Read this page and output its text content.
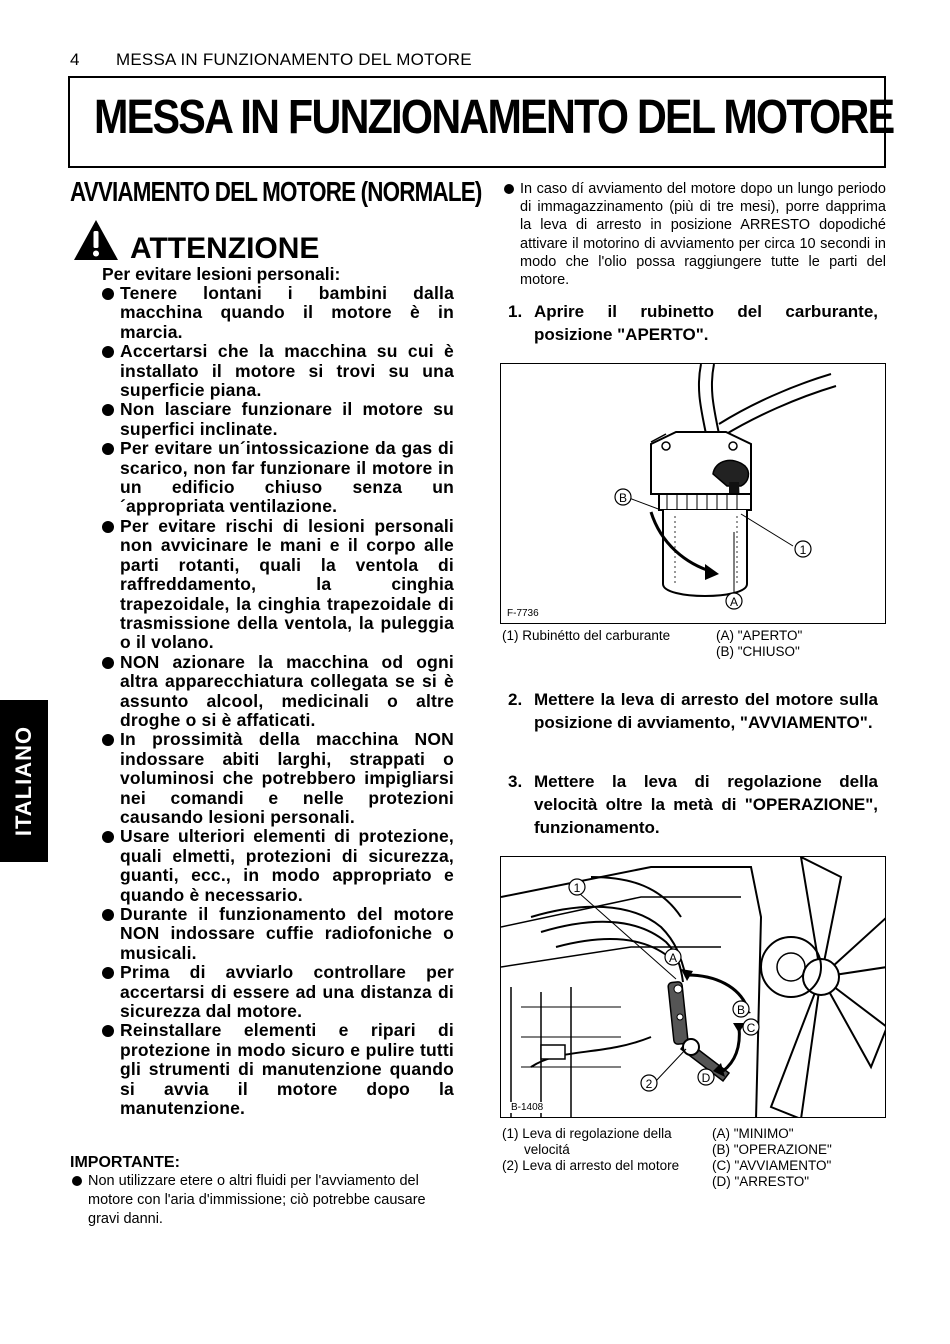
4 MESSA IN FUNZIONAMENTO DEL MOTORE
MESSA IN FUNZIONAMENTO DEL MOTORE
ITALIANO
AVVIAMENTO DEL MOTORE (NORMALE)
ATTENZIONE
Per evitare lesioni personali:
Tenere lontani i bambini dalla macchina quando il motore è in marcia.
Accertarsi che la macchina su cui è installato il motore si trovi su una superficie piana.
Non lasciare funzionare il motore su superfici inclinate.
Per evitare un´intossicazione da gas di scarico, non far funzionare il motore in un edificio chiuso senza un´appropriata ventilazione.
Per evitare rischi di lesioni personali non avvicinare le mani e il corpo alle parti rotanti, quali la ventola di raffreddamento, la cinghia trapezoidale, la cinghia trapezoidale di trasmissione della ventola, la puleggia o il volano.
NON azionare la macchina od ogni altra apparecchiatura collegata se si è assunto alcool, medicinali o altre droghe o si è affaticati.
In prossimità della macchina NON indossare abiti larghi, strappati o voluminosi che potrebbero impigliarsi nei comandi e nelle protezioni causando lesioni personali.
Usare ulteriori elementi di protezione, quali elmetti, protezioni di sicurezza, guanti, ecc., in modo appropriato e quando è necessario.
Durante il funzionamento del motore NON indossare cuffie radiofoniche o musicali.
Prima di avviarlo controllare per accertarsi di essere ad una distanza di sicurezza dal motore.
Reinstallare elementi e ripari di protezione in modo sicuro e pulire tutti gli strumenti di manutenzione quando si avvia il motore dopo la manutenzione.
IMPORTANTE:
Non utilizzare etere o altri fluidi per l'avviamento del motore con l'aria d'immissione; ciò potrebbe causare gravi danni.
In caso dí avviamento del motore dopo un lungo periodo di immagazzinamento (più di tre mesi), porre dapprima la leva di arresto in posizione ARRESTO dopodiché attivare il motorino di avviamento per circa 10 secondi in modo che l'olio possa raggiungere tutte le parti del motore.
1. Aprire il rubinetto del carburante, posizione "APERTO".
B
1
A
F-7736
(1) Rubinétto del carburante	(A) "APERTO"
(B) "CHIUSO"
2. Mettere la leva di arresto del motore sulla posizione di avviamento, "AVVIAMENTO".
3. Mettere la leva di regolazione della velocità oltre la metà di "OPERAZIONE", funzionamento.
1
2
A
B
C
D
B-1408
(1) Leva di regolazione della
velocitá
(2) Leva di arresto del motore
(A) "MINIMO"
(B) "OPERAZIONE"
(C) "AVVIAMENTO"
(D) "ARRESTO"
